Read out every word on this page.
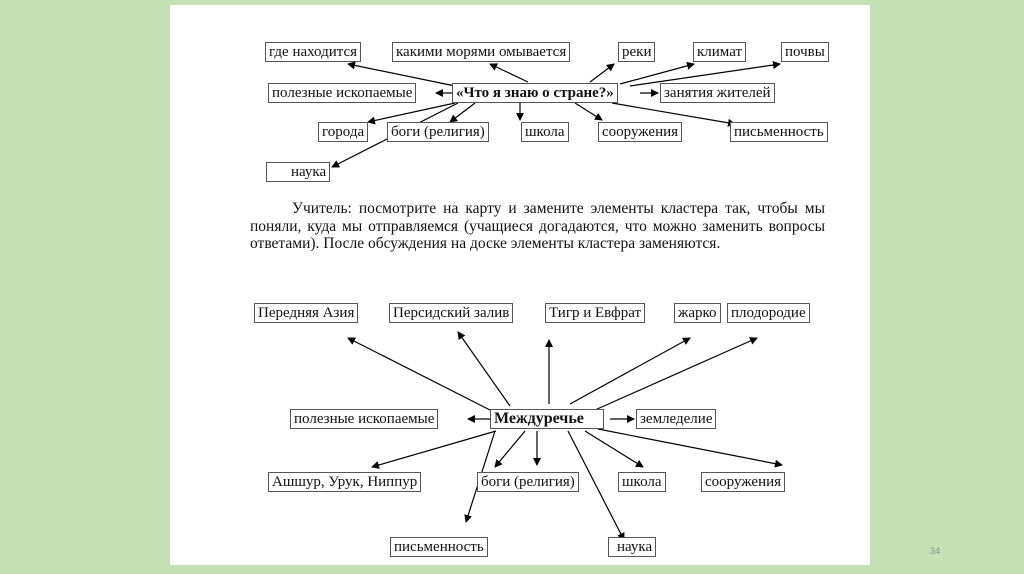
где находится	какими морями омывается	реки	климат	почвы
полезные ископаемые	«Что я знаю о стране?»	занятия жителей
города боги (религия)	школа сооружения	письменность
наука
Учитель: посмотрите на карту и замените элементы кластера так, чтобы мы поняли, куда мы отправляемся (учащиеся догадаются, что можно заменить вопросы ответами). После обсуждения на доске элементы кластера заменяются.
Передняя Азия	Персидский залив	Тигр и Евфрат жарко плодородие
полезные ископаемые	Междуречье	земледелие
Ашшур, Урук, Ниппур	боги (религия)	школа	сооружения
письменность	наука	34
